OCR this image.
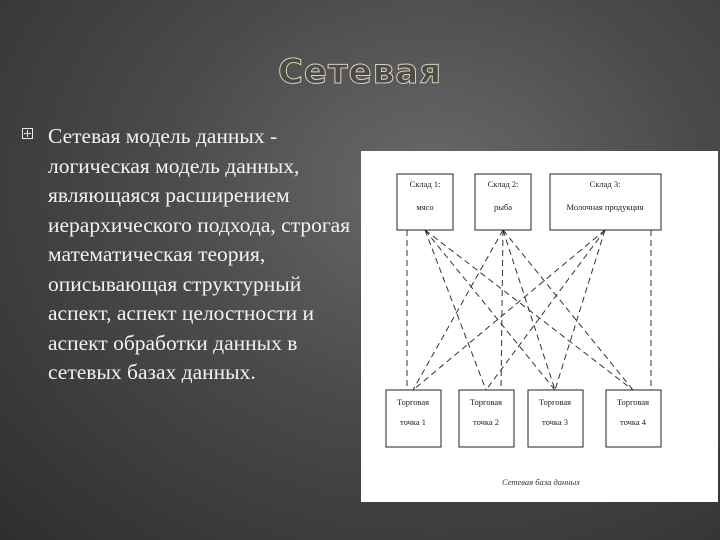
Сетевая
Сетевая модель данных - логическая модель данных, являющаяся расширением иерархического подхода, строгая математическая теория, описывающая структурный аспект, аспект целостности и аспект обработки данных в сетевых базах данных.
Склад 1:
мясо
Склад 2:
рыба
Склад 3:
Молочная продукция
Торговая
точка 1
Торговая
точка 2
Торговая
точка 3
Торговая
точка 4
Сетевая база данных
